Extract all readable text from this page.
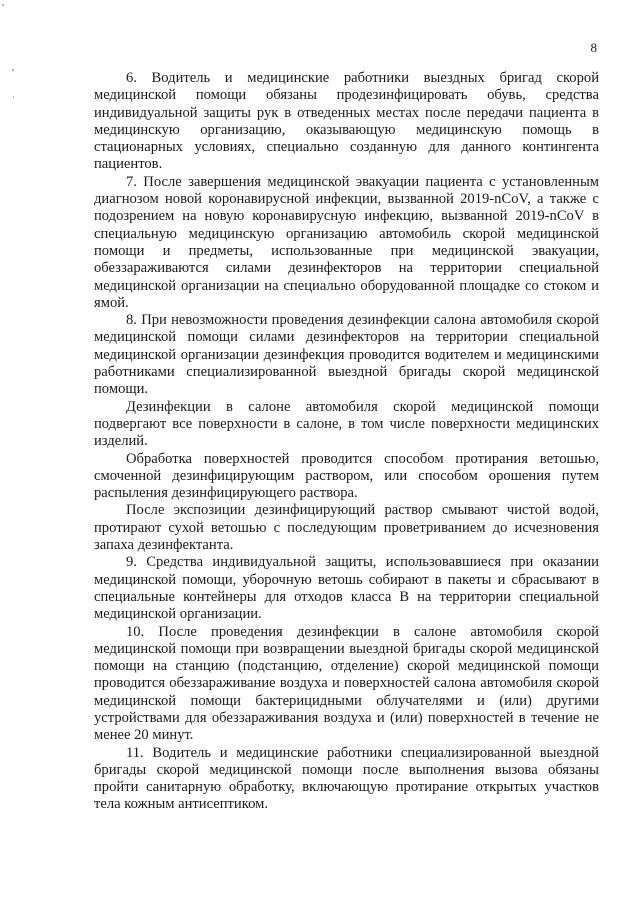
8

6. Водитель и медицинские работники выездных бригад скорой медицинской помощи обязаны продезинфицировать обувь, средства индивидуальной защиты рук в отведенных местах после передачи пациента в медицинскую организацию, оказывающую медицинскую помощь в стационарных условиях, специально созданную для данного контингента пациентов.

7. После завершения медицинской эвакуации пациента с установленным диагнозом новой коронавирусной инфекции, вызванной 2019-nCoV, а также с подозрением на новую коронавирусную инфекцию, вызванной 2019-nCoV в специальную медицинскую организацию автомобиль скорой медицинской помощи и предметы, использованные при медицинской эвакуации, обеззараживаются силами дезинфекторов на территории специальной медицинской организации на специально оборудованной площадке со стоком и ямой.

8. При невозможности проведения дезинфекции салона автомобиля скорой медицинской помощи силами дезинфекторов на территории специальной медицинской организации дезинфекция проводится водителем и медицинскими работниками специализированной выездной бригады скорой медицинской помощи.

Дезинфекции в салоне автомобиля скорой медицинской помощи подвергают все поверхности в салоне, в том числе поверхности медицинских изделий.

Обработка поверхностей проводится способом протирания ветошью, смоченной дезинфицирующим раствором, или способом орошения путем распыления дезинфицирующего раствора.

После экспозиции дезинфицирующий раствор смывают чистой водой, протирают сухой ветошью с последующим проветриванием до исчезновения запаха дезинфектанта.

9. Средства индивидуальной защиты, использовавшиеся при оказании медицинской помощи, уборочную ветошь собирают в пакеты и сбрасывают в специальные контейнеры для отходов класса В на территории специальной медицинской организации.

10. После проведения дезинфекции в салоне автомобиля скорой медицинской помощи при возвращении выездной бригады скорой медицинской помощи на станцию (подстанцию, отделение) скорой медицинской помощи проводится обеззараживание воздуха и поверхностей салона автомобиля скорой медицинской помощи бактерицидными облучателями и (или) другими устройствами для обеззараживания воздуха и (или) поверхностей в течение не менее 20 минут.

11. Водитель и медицинские работники специализированной выездной бригады скорой медицинской помощи после выполнения вызова обязаны пройти санитарную обработку, включающую протирание открытых участков тела кожным антисептиком.
